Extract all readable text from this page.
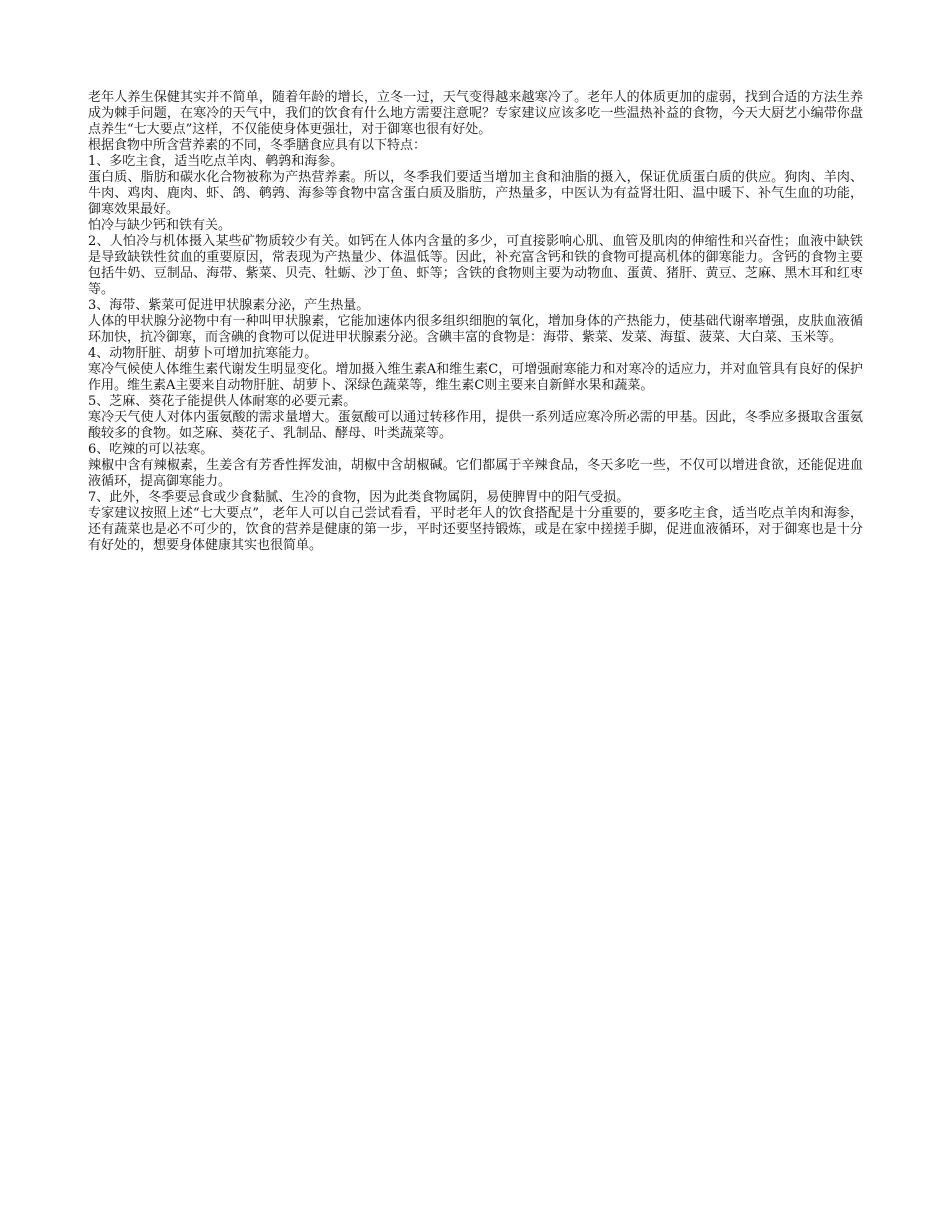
老年人养生保健其实并不简单，随着年龄的增长，立冬一过，天气变得越来越寒冷了。老年人的体质更加的虚弱，找到合适的方法生养成为棘手问题，在寒冷的天气中，我们的饮食有什么地方需要注意呢？专家建议应该多吃一些温热补益的食物，今天大厨艺小编带你盘点养生“七大要点”这样，不仅能使身体更强壮，对于御寒也很有好处。

根据食物中所含营养素的不同，冬季膳食应具有以下特点：

1、多吃主食，适当吃点羊肉、鹌鹑和海参。

蛋白质、脂肪和碳水化合物被称为产热营养素。所以，冬季我们要适当增加主食和油脂的摄入，保证优质蛋白质的供应。狗肉、羊肉、牛肉、鸡肉、鹿肉、虾、鸽、鹌鹑、海参等食物中富含蛋白质及脂肪，产热量多，中医认为有益肾壮阳、温中暖下、补气生血的功能，御寒效果最好。

怕冷与缺少钙和铁有关。

2、人怕冷与机体摄入某些矿物质较少有关。如钙在人体内含量的多少，可直接影响心肌、血管及肌肉的伸缩性和兴奋性；血液中缺铁是导致缺铁性贫血的重要原因，常表现为产热量少、体温低等。因此，补充富含钙和铁的食物可提高机体的御寒能力。含钙的食物主要包括牛奶、豆制品、海带、紫菜、贝壳、牡蛎、沙丁鱼、虾等；含铁的食物则主要为动物血、蛋黄、猪肝、黄豆、芝麻、黑木耳和红枣等。

3、海带、紫菜可促进甲状腺素分泌，产生热量。

人体的甲状腺分泌物中有一种叫甲状腺素，它能加速体内很多组织细胞的氧化，增加身体的产热能力，使基础代谢率增强，皮肤血液循环加快，抗冷御寒，而含碘的食物可以促进甲状腺素分泌。含碘丰富的食物是：海带、紫菜、发菜、海蜇、菠菜、大白菜、玉米等。

4、动物肝脏、胡萝卜可增加抗寒能力。

寒冷气候使人体维生素代谢发生明显变化。增加摄入维生素A和维生素C，可增强耐寒能力和对寒冷的适应力，并对血管具有良好的保护作用。维生素A主要来自动物肝脏、胡萝卜、深绿色蔬菜等，维生素C则主要来自新鲜水果和蔬菜。

5、芝麻、葵花子能提供人体耐寒的必要元素。

寒冷天气使人对体内蛋氨酸的需求量增大。蛋氨酸可以通过转移作用，提供一系列适应寒冷所必需的甲基。因此，冬季应多摄取含蛋氨酸较多的食物。如芝麻、葵花子、乳制品、酵母、叶类蔬菜等。

6、吃辣的可以祛寒。

辣椒中含有辣椒素，生姜含有芳香性挥发油，胡椒中含胡椒碱。它们都属于辛辣食品，冬天多吃一些，不仅可以增进食欲，还能促进血液循环，提高御寒能力。

7、此外，冬季要忌食或少食黏腻、生冷的食物，因为此类食物属阴，易使脾胃中的阳气受损。

专家建议按照上述“七大要点”，老年人可以自己尝试看看，平时老年人的饮食搭配是十分重要的，要多吃主食，适当吃点羊肉和海参，还有蔬菜也是必不可少的，饮食的营养是健康的第一步，平时还要坚持锻炼，或是在家中搓搓手脚，促进血液循环，对于御寒也是十分有好处的，想要身体健康其实也很简单。
